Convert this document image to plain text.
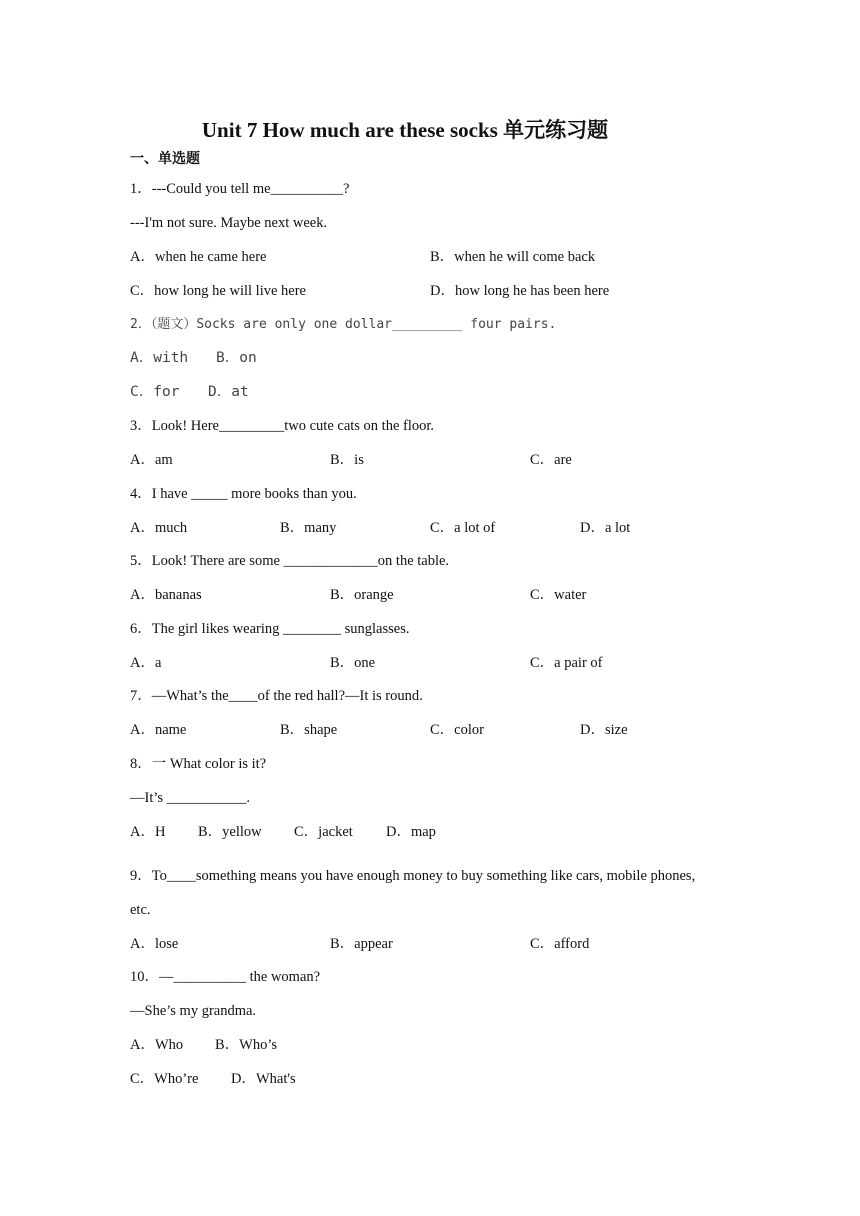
Unit 7 How much are these socks 单元练习题
一、单选题
1．---Could you tell me__________?
---I'm not sure. Maybe next week.
A．when he came here	B．when he will come back
C．how long he will live here	D．how long he has been here
2．（题文）Socks are only one dollar_________ four pairs.
A．with B．on
C．for D．at
3．Look! Here_________two cute cats on the floor.
A．am	B．is	C．are
4．I have _____ more books than you.
A．much	B．many	C．a lot of	D．a lot
5．Look! There are some _____________on the table.
A．bananas	B．orange	C．water
6．The girl likes wearing ________ sunglasses.
A．a	B．one	C．a pair of
7．—What’s the____of the red hall?—It is round.
A．name	B．shape	C．color	D．size
8．一 What color is it?
—It’s ___________.
A．H B．yellow C．jacket D．map
9．To____something means you have enough money to buy something like cars, mobile phones,
etc.
A．lose	B．appear	C．afford
10．—__________ the woman?
—She’s my grandma.
A．Who B．Who’s
C．Who’re D．What's
